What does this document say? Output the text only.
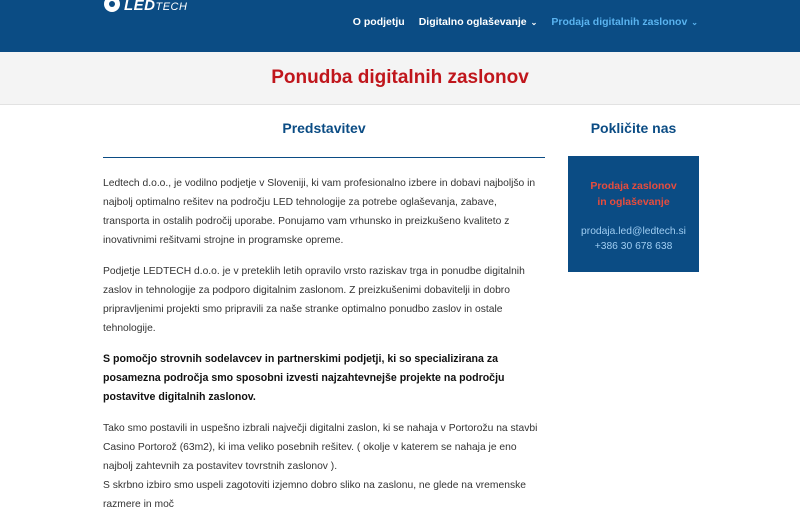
LEDTECH
O podjetju Digitalno oglaševanje ⌄ Prodaja digitalnih zaslonov ⌄
Ponudba digitalnih zaslonov
Predstavitev

Ledtech d.o.o., je vodilno podjetje v Sloveniji, ki vam profesionalno izbere in dobavi najboljšo in najbolj optimalno rešitev na področju LED tehnologije za potrebe oglaševanja, zabave, transporta in ostalih področij uporabe. Ponujamo vam vrhunsko in preizkušeno kvaliteto z inovativnimi rešitvami strojne in programske opreme.

Podjetje LEDTECH d.o.o. je v preteklih letih opravilo vrsto raziskav trga in ponudbe digitalnih zaslov in tehnologije za podporo digitalnim zaslonom. Z preizkušenimi dobavitelji in dobro pripravljenimi projekti smo pripravili za naše stranke optimalno ponudbo zaslov in ostale tehnologije.

S pomočjo strovnih sodelavcev in partnerskimi podjetji, ki so specializirana za posamezna področja smo sposobni izvesti najzahtevnejše projekte na področju postavitve digitalnih zaslonov.

Tako smo postavili in uspešno izbrali največji digitalni zaslon, ki se nahaja v Portorožu na stavbi Casino Portorož (63m2), ki ima veliko posebnih rešitev. ( okolje v katerem se nahaja je eno najbolj zahtevnih za postavitev tovrstnih zaslonov ).

S skrbno izbiro smo uspeli zagotoviti izjemno dobro sliko na zaslonu, ne glede na vremenske razmere in moč

Pokličite nas
Prodaja zaslonov
in oglaševanje
prodaja.led@ledtech.si
+386 30 678 638
